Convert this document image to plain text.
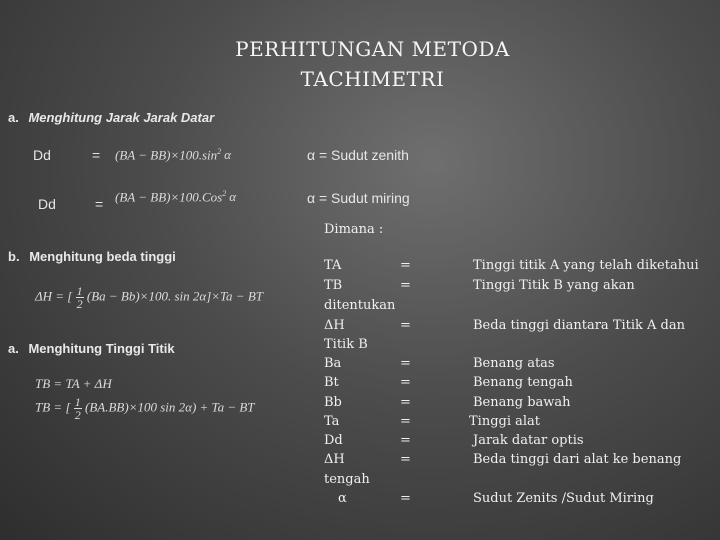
PERHITUNGAN METODA
TACHIMETRI
a. Menghitung Jarak Jarak Datar
Dd	= $(BA - BB)\times 100.\sin^2$ α	α = Sudut zenith
Dd	= (BA − BB)×100.Cos$^2$ α	α = Sudut miring
b. Menghitung beda tinggi
ΔH = [ $\frac{1}{2} (Ba - Bb)\times 100$. sin 2α]×Ta − BT
a. Menghitung Tinggi Titik
TB = TA + ΔH
TB = [ $\frac{1}{2} (BA.BB)\times 100$ sin 2α) + Ta − BT
Dimana :
TA	=	Tinggi titik A yang telah diketahui
TB	=	Tinggi Titik B yang akan
ditentukan
ΔH	=	Beda tinggi diantara Titik A dan
Titik B
Ba	=	Benang atas
Bt	=	Benang tengah
Bb	=	Benang bawah
Ta	=	Tinggi alat
Dd	=	Jarak datar optis
ΔH	=	Beda tinggi dari alat ke benang
tengah
α	=	Sudut Zenits /Sudut Miring
